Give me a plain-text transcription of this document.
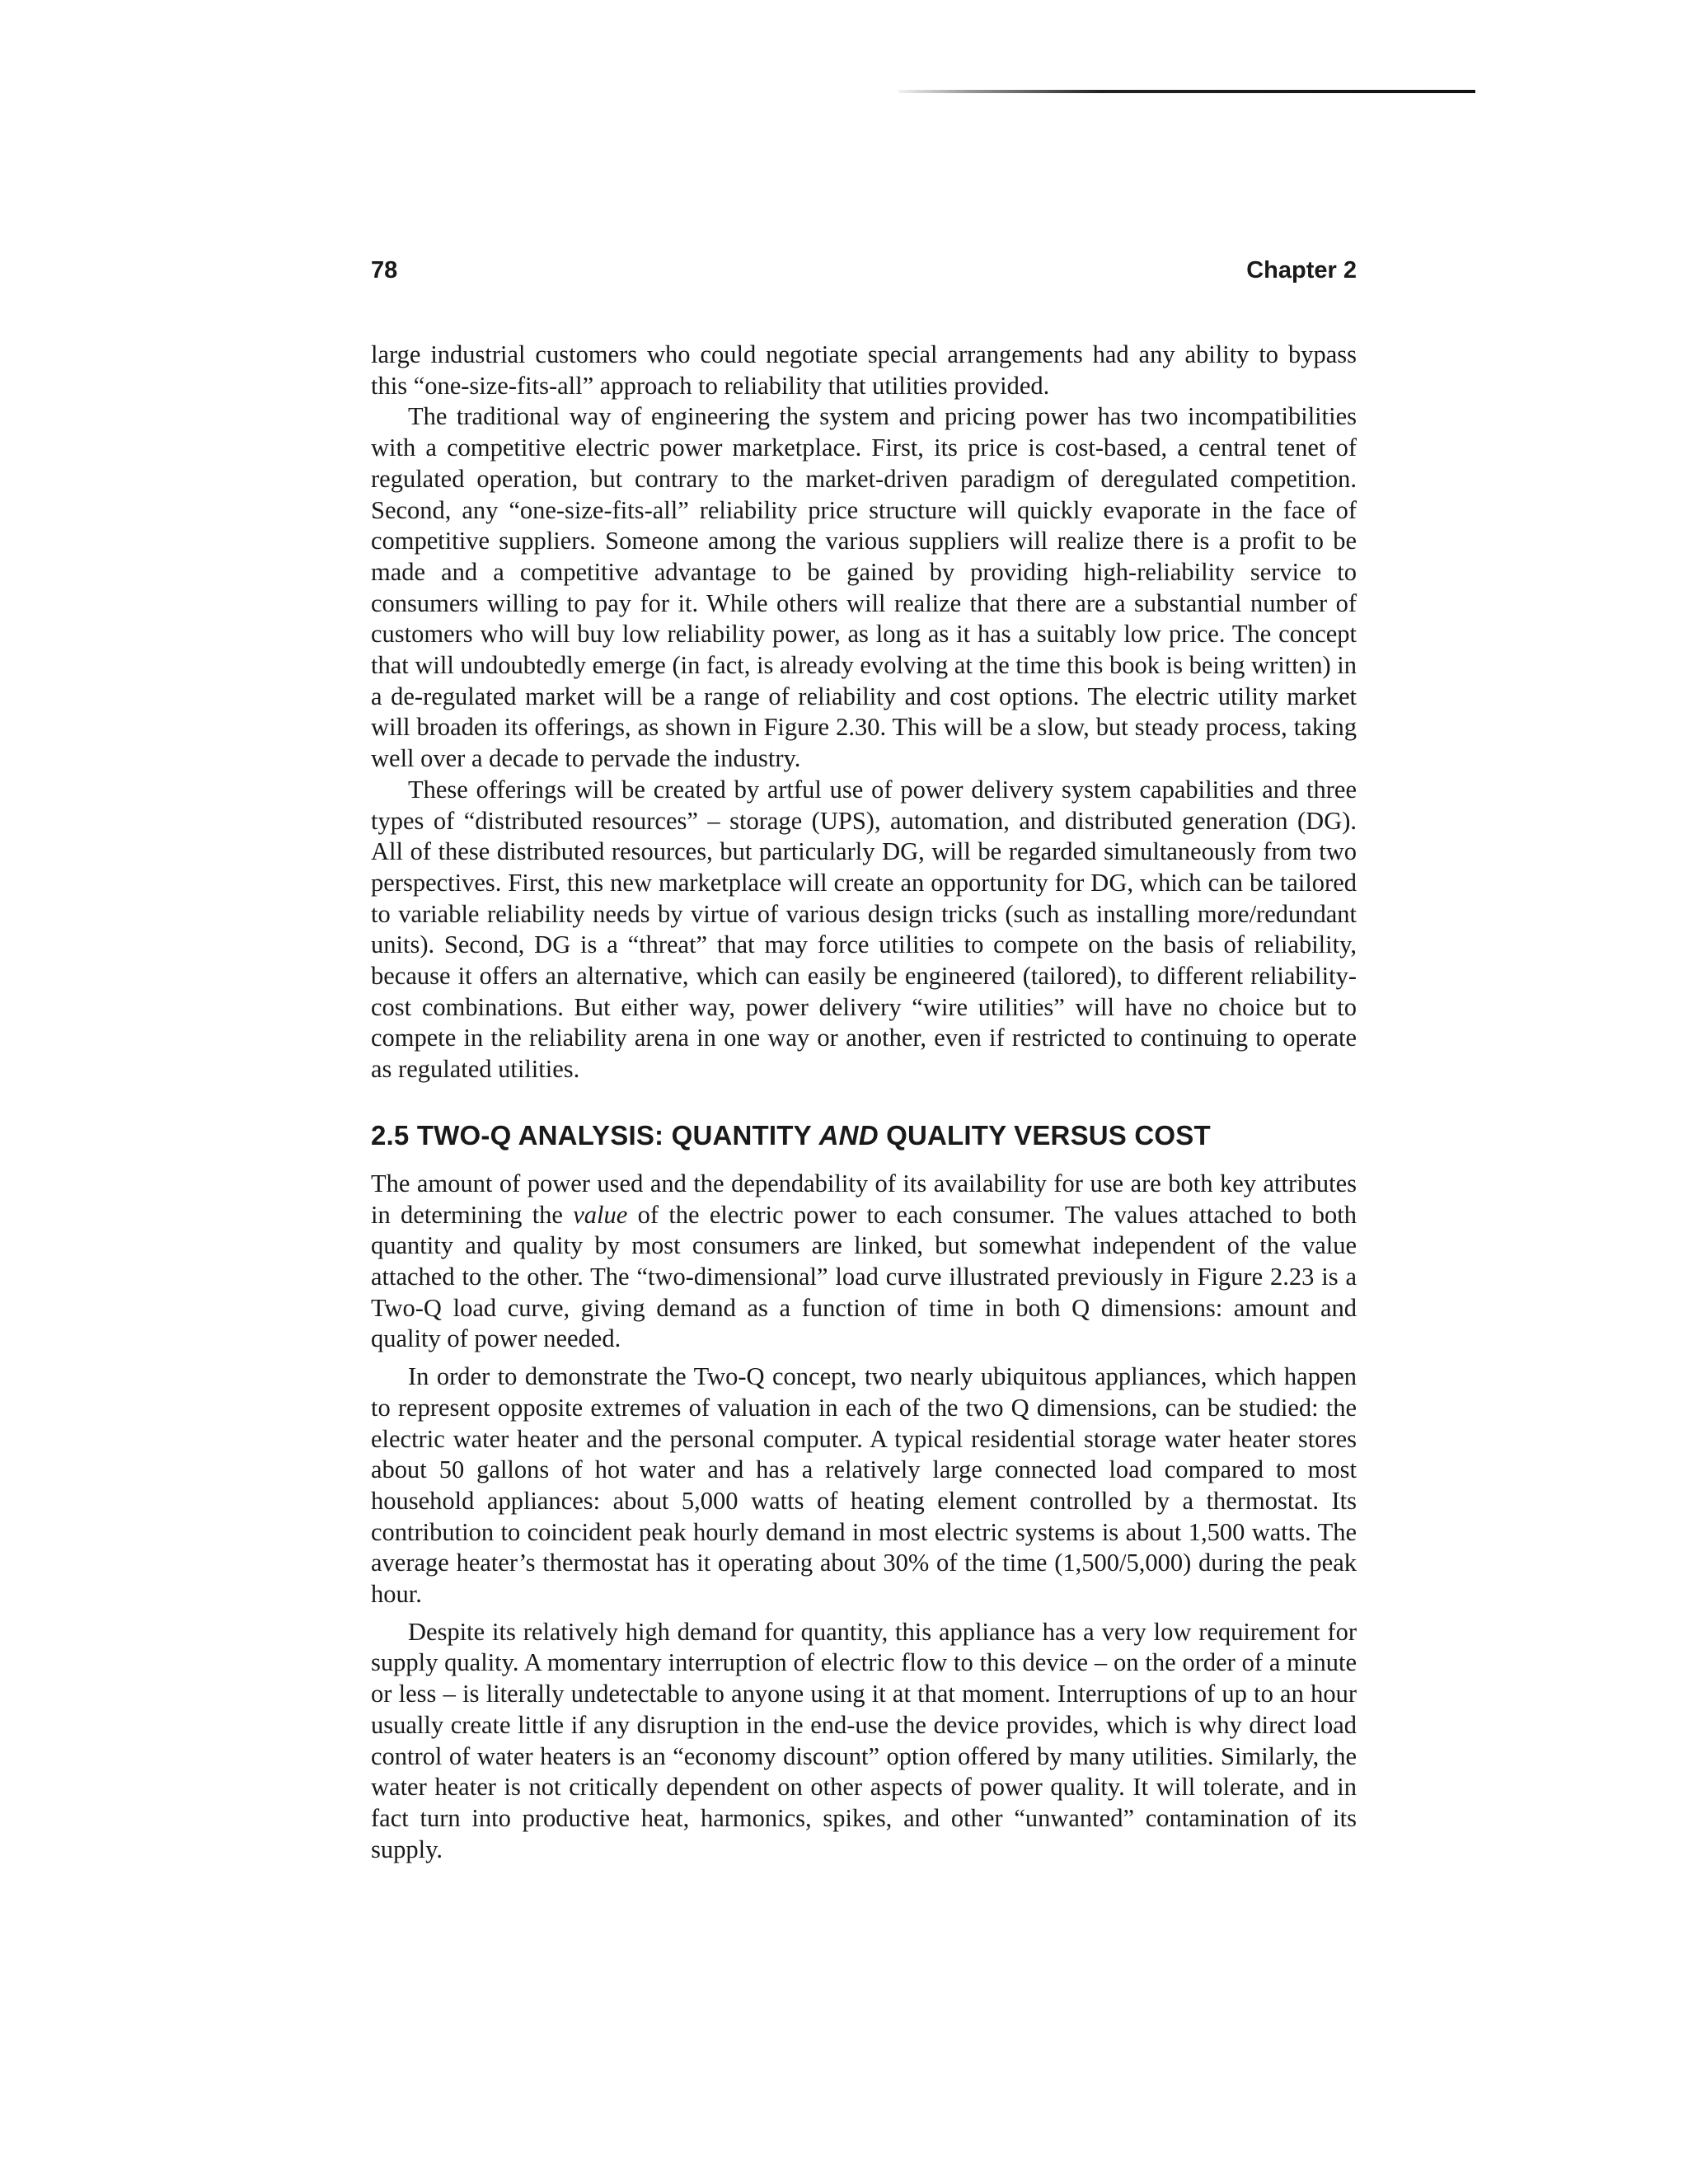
78	Chapter 2

large industrial customers who could negotiate special arrangements had any ability to bypass this “one-size-fits-all” approach to reliability that utilities provided.

The traditional way of engineering the system and pricing power has two incompatibilities with a competitive electric power marketplace. First, its price is cost-based, a central tenet of regulated operation, but contrary to the market-driven paradigm of deregulated competition. Second, any “one-size-fits-all” reliability price structure will quickly evaporate in the face of competitive suppliers. Someone among the various suppliers will realize there is a profit to be made and a competitive advantage to be gained by providing high-reliability service to consumers willing to pay for it. While others will realize that there are a substantial number of customers who will buy low reliability power, as long as it has a suitably low price. The concept that will undoubtedly emerge (in fact, is already evolving at the time this book is being written) in a de-regulated market will be a range of reliability and cost options. The electric utility market will broaden its offerings, as shown in Figure 2.30. This will be a slow, but steady process, taking well over a decade to pervade the industry.

These offerings will be created by artful use of power delivery system capabilities and three types of “distributed resources” – storage (UPS), automation, and distributed generation (DG). All of these distributed resources, but particularly DG, will be regarded simultaneously from two perspectives. First, this new marketplace will create an opportunity for DG, which can be tailored to variable reliability needs by virtue of various design tricks (such as installing more/redundant units). Second, DG is a “threat” that may force utilities to compete on the basis of reliability, because it offers an alternative, which can easily be engineered (tailored), to different reliability-cost combinations. But either way, power delivery “wire utilities” will have no choice but to compete in the reliability arena in one way or another, even if restricted to continuing to operate as regulated utilities.

2.5 TWO-Q ANALYSIS: QUANTITY AND QUALITY VERSUS COST

The amount of power used and the dependability of its availability for use are both key attributes in determining the value of the electric power to each consumer. The values attached to both quantity and quality by most consumers are linked, but somewhat independent of the value attached to the other. The “two-dimensional” load curve illustrated previously in Figure 2.23 is a Two-Q load curve, giving demand as a function of time in both Q dimensions: amount and quality of power needed.

In order to demonstrate the Two-Q concept, two nearly ubiquitous appliances, which happen to represent opposite extremes of valuation in each of the two Q dimensions, can be studied: the electric water heater and the personal computer. A typical residential storage water heater stores about 50 gallons of hot water and has a relatively large connected load compared to most household appliances: about 5,000 watts of heating element controlled by a thermostat. Its contribution to coincident peak hourly demand in most electric systems is about 1,500 watts. The average heater’s thermostat has it operating about 30% of the time (1,500/5,000) during the peak hour.

Despite its relatively high demand for quantity, this appliance has a very low requirement for supply quality. A momentary interruption of electric flow to this device – on the order of a minute or less – is literally undetectable to anyone using it at that moment. Interruptions of up to an hour usually create little if any disruption in the end-use the device provides, which is why direct load control of water heaters is an “economy discount” option offered by many utilities. Similarly, the water heater is not critically dependent on other aspects of power quality. It will tolerate, and in fact turn into productive heat, harmonics, spikes, and other “unwanted” contamination of its supply.
